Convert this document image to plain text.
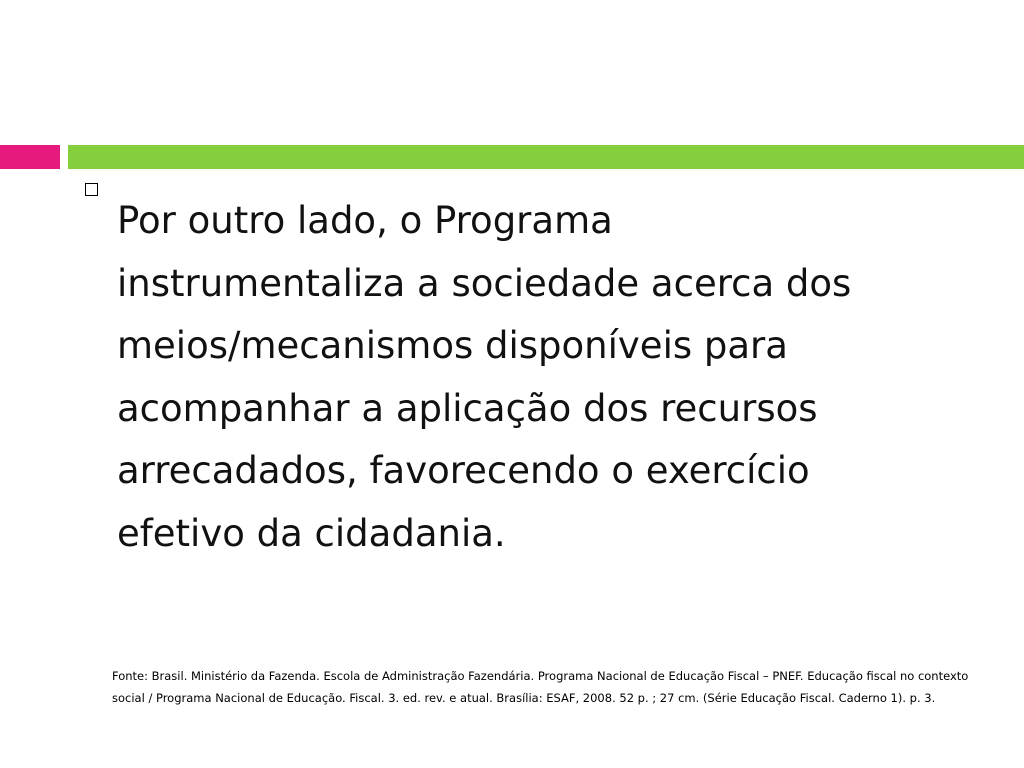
Por outro lado, o Programa
instrumentaliza a sociedade acerca dos
meios/mecanismos disponíveis para
acompanhar a aplicação dos recursos
arrecadados, favorecendo o exercício
efetivo da cidadania.

Fonte: Brasil. Ministério da Fazenda. Escola de Administração Fazendária. Programa Nacional de Educação Fiscal – PNEF. Educação fiscal no contexto
social / Programa Nacional de Educação. Fiscal. 3. ed. rev. e atual. Brasília: ESAF, 2008. 52 p. ; 27 cm. (Série Educação Fiscal. Caderno 1). p. 3.
